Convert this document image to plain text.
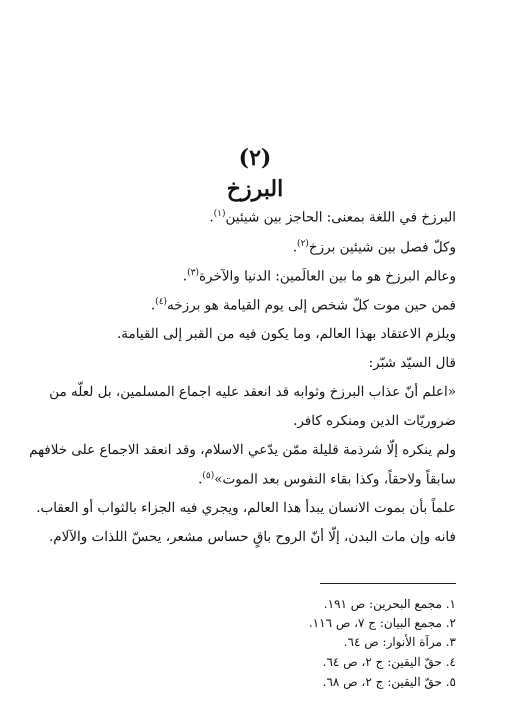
(٢)
البرزخ
البرزخ في اللغة بمعنى: الحاجز بين شيئين$^{(١)}$.
وكلّ فصل بين شيئين برزخ$^{(٢)}$.
وعالم البرزخ هو ما بين العالَمين: الدنيا والآخرة$^{(٣)}$.
فمن حين موت كلّ شخص إلى يوم القيامة هو برزخه$^{(٤)}$.
ويلزم الاعتقاد بهذا العالم، وما يكون فيه من القبر إلى القيامة.
قال السيّد شبّر:
«اعلم أنّ عذاب البرزخ وثوابه قد انعقد عليه اجماع المسلمين، بل لعلّه من
ضروريّات الدين ومنكره كافر.
ولم ينكره إلّا شرذمة قليلة ممّن يدّعي الاسلام، وقد انعقد الاجماع على خلافهم
سابقاً ولاحقاً، وكذا بقاء النفوس بعد الموت»$^{(٥)}$.
علماً بأن بموت الانسان يبدأ هذا العالم، ويجري فيه الجزاء بالثواب أو العقاب.
فانه وإن مات البدن، إلّا أنّ الروح باقٍ حساس مشعر، يحسّ اللذات والآلام.
١. مجمع البحرين: ص ١٩١.
٢. مجمع البيان: ج ٧، ص ١١٦.
٣. مرآة الأنوار: ص ٦٤.
٤. حقّ اليقين: ج ٢، ص ٦٤.
٥. حقّ اليقين: ج ٢، ص ٦٨.
